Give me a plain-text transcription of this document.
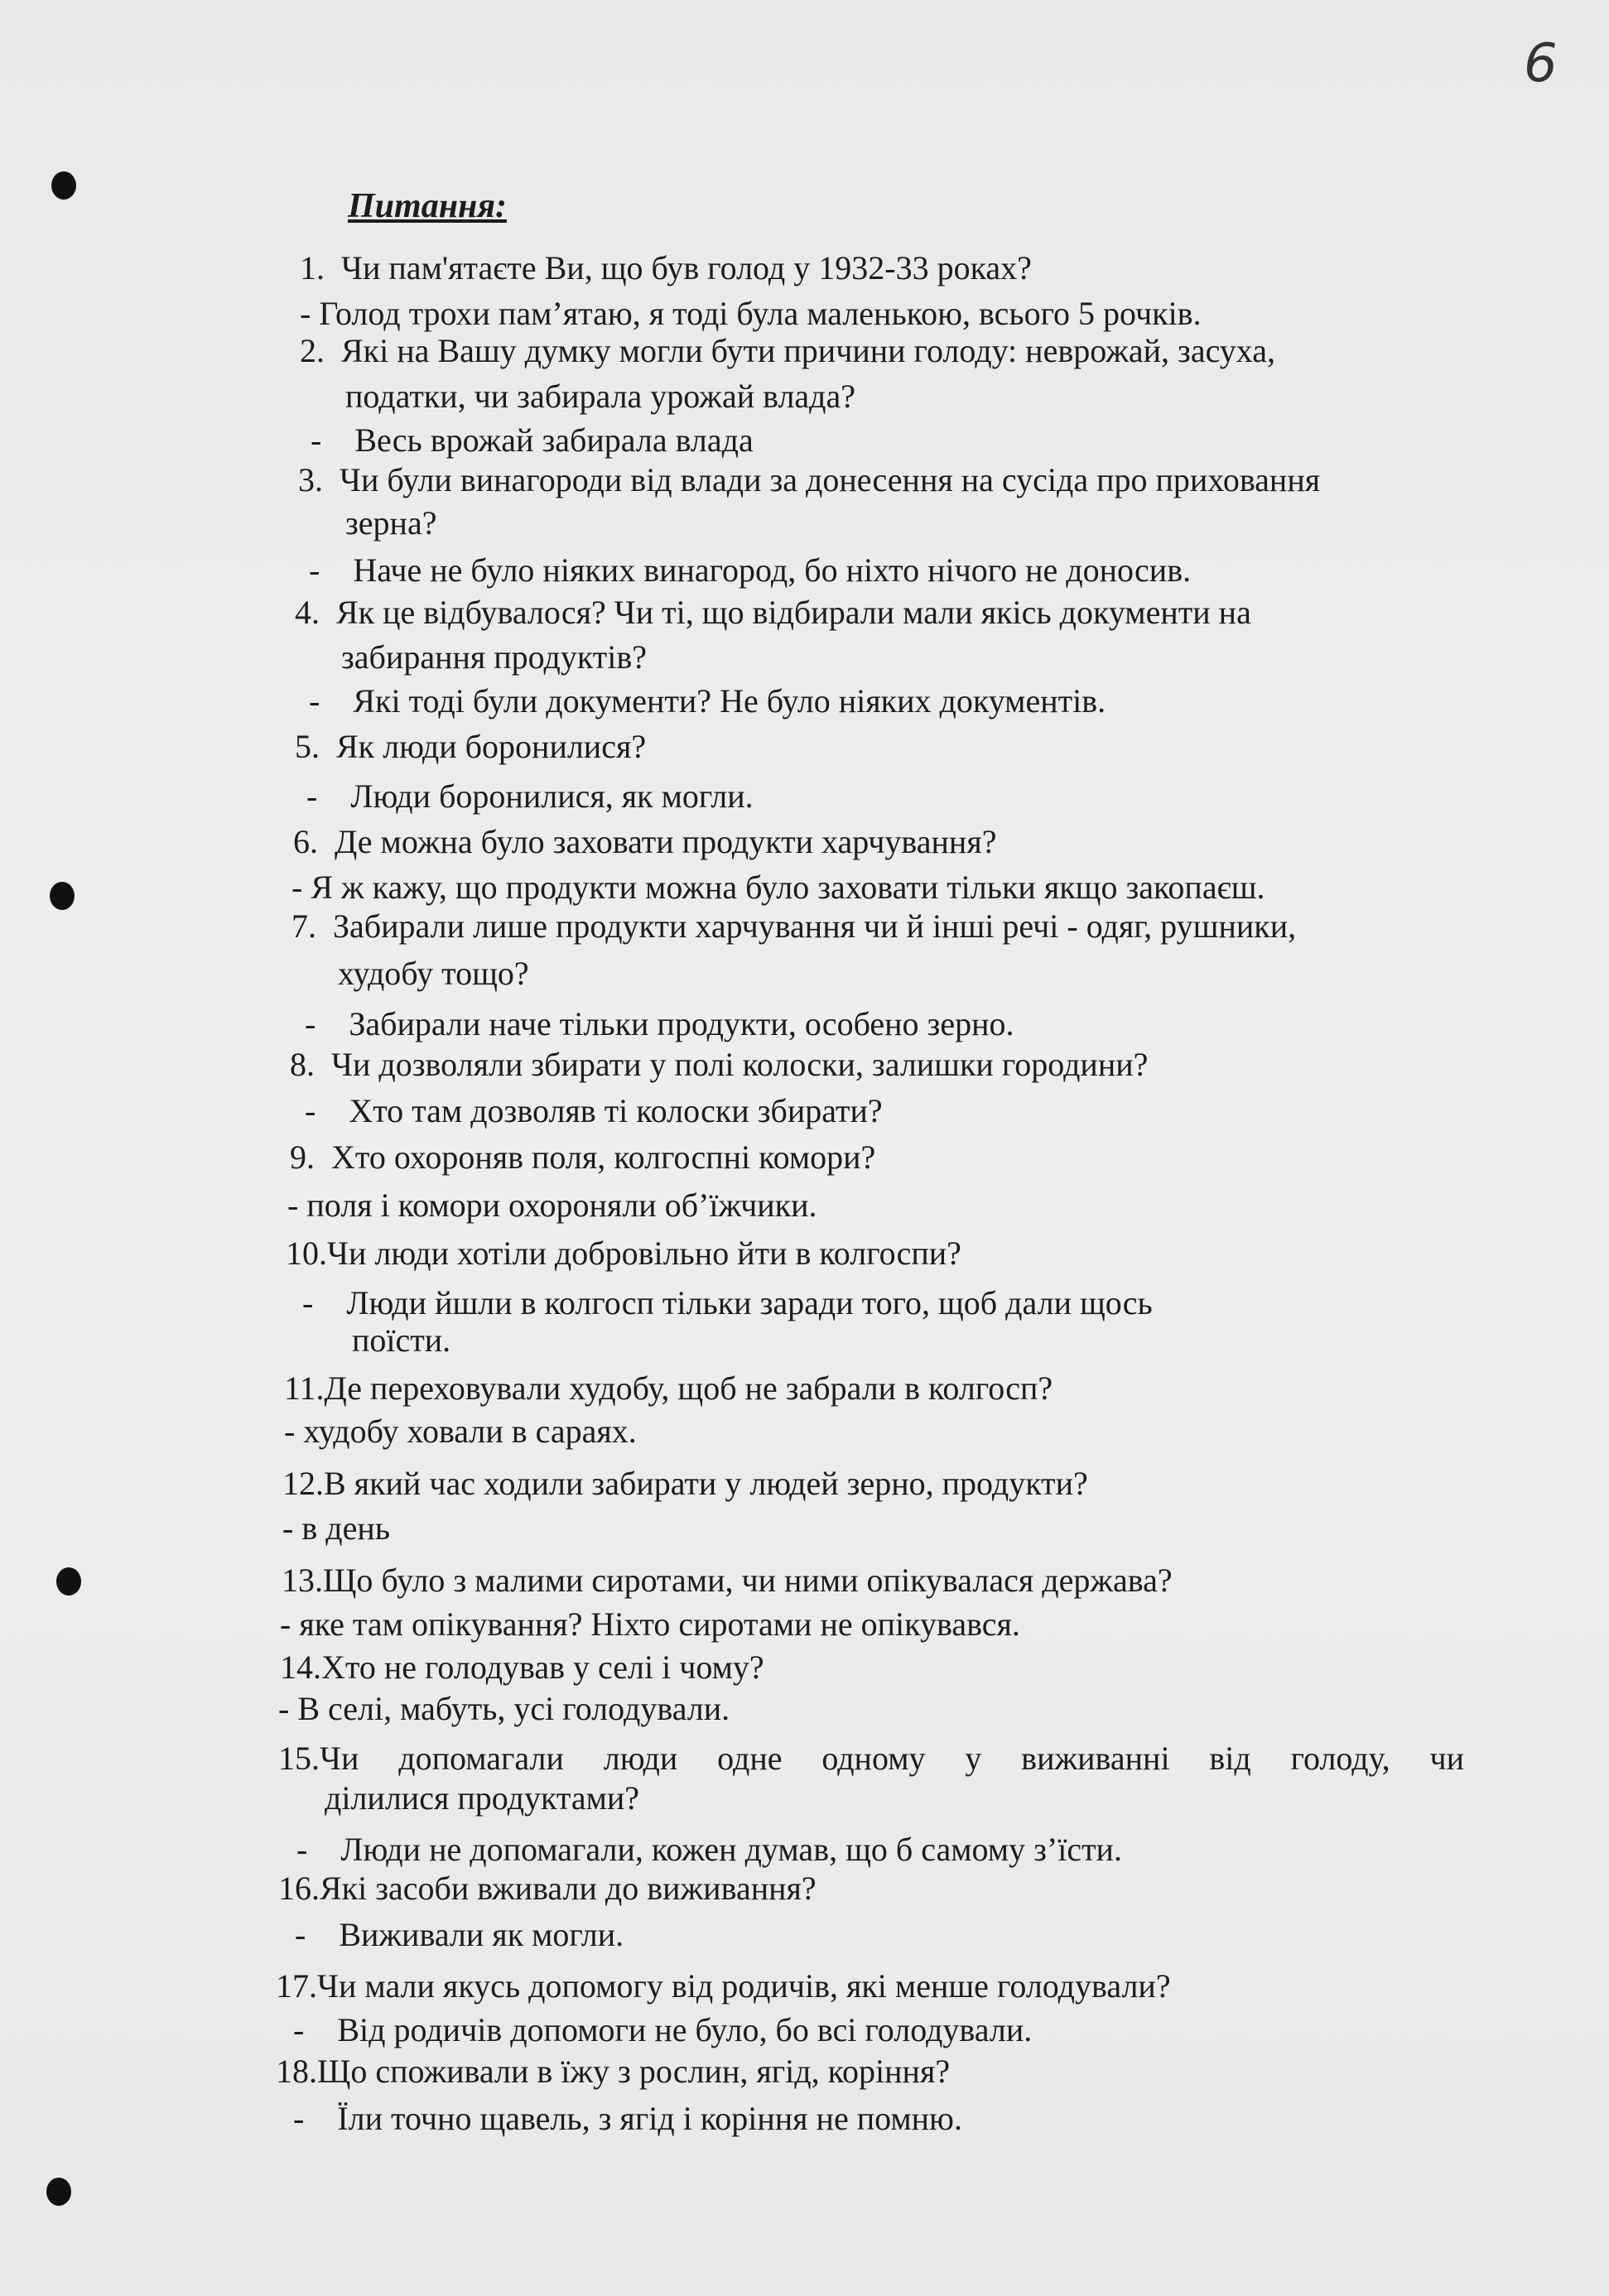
6
Питання:
1.  Чи пам'ятаєте Ви, що був голод у 1932-33 роках?
- Голод трохи пам’ятаю, я тоді була маленькою, всього 5 рочків.
2.  Які на Вашу думку могли бути причини голоду: неврожай, засуха,
податки, чи забирала урожай влада?
-    Весь врожай забирала влада
3.  Чи були винагороди від влади за донесення на сусіда про приховання
зерна?
-    Наче не було ніяких винагород, бо ніхто нічого не доносив.
4.  Як це відбувалося? Чи ті, що відбирали мали якісь документи на
забирання продуктів?
-    Які тоді були документи? Не було ніяких документів.
5.  Як люди боронилися?
-    Люди боронилися, як могли.
6.  Де можна було заховати продукти харчування?
- Я ж кажу, що продукти можна було заховати тільки якщо закопаєш.
7.  Забирали лише продукти харчування чи й інші речі - одяг, рушники,
худобу тощо?
-    Забирали наче тільки продукти, особено зерно.
8.  Чи дозволяли збирати у полі колоски, залишки городини?
-    Хто там дозволяв ті колоски збирати?
9.  Хто охороняв поля, колгоспні комори?
- поля і комори охороняли об’їжчики.
10.Чи люди хотіли добровільно йти в колгоспи?
-    Люди йшли в колгосп тільки заради того, щоб дали щось
поїсти.
11.Де переховували худобу, щоб не забрали в колгосп?
- худобу ховали в сараях.
12.В який час ходили забирати у людей зерно, продукти?
- в день
13.Що було з малими сиротами, чи ними опікувалася держава?
- яке там опікування? Ніхто сиротами не опікувався.
14.Хто не голодував у селі і чому?
- В селі, мабуть, усі голодували.
15.Чи допомагали люди одне одному у виживанні від голоду, чи
ділилися продуктами?
-    Люди не допомагали, кожен думав, що б самому з’їсти.
16.Які засоби вживали до виживання?
-    Виживали як могли.
17.Чи мали якусь допомогу від родичів, які менше голодували?
-    Від родичів допомоги не було, бо всі голодували.
18.Що споживали в їжу з рослин, ягід, коріння?
-    Їли точно щавель, з ягід і коріння не помню.
